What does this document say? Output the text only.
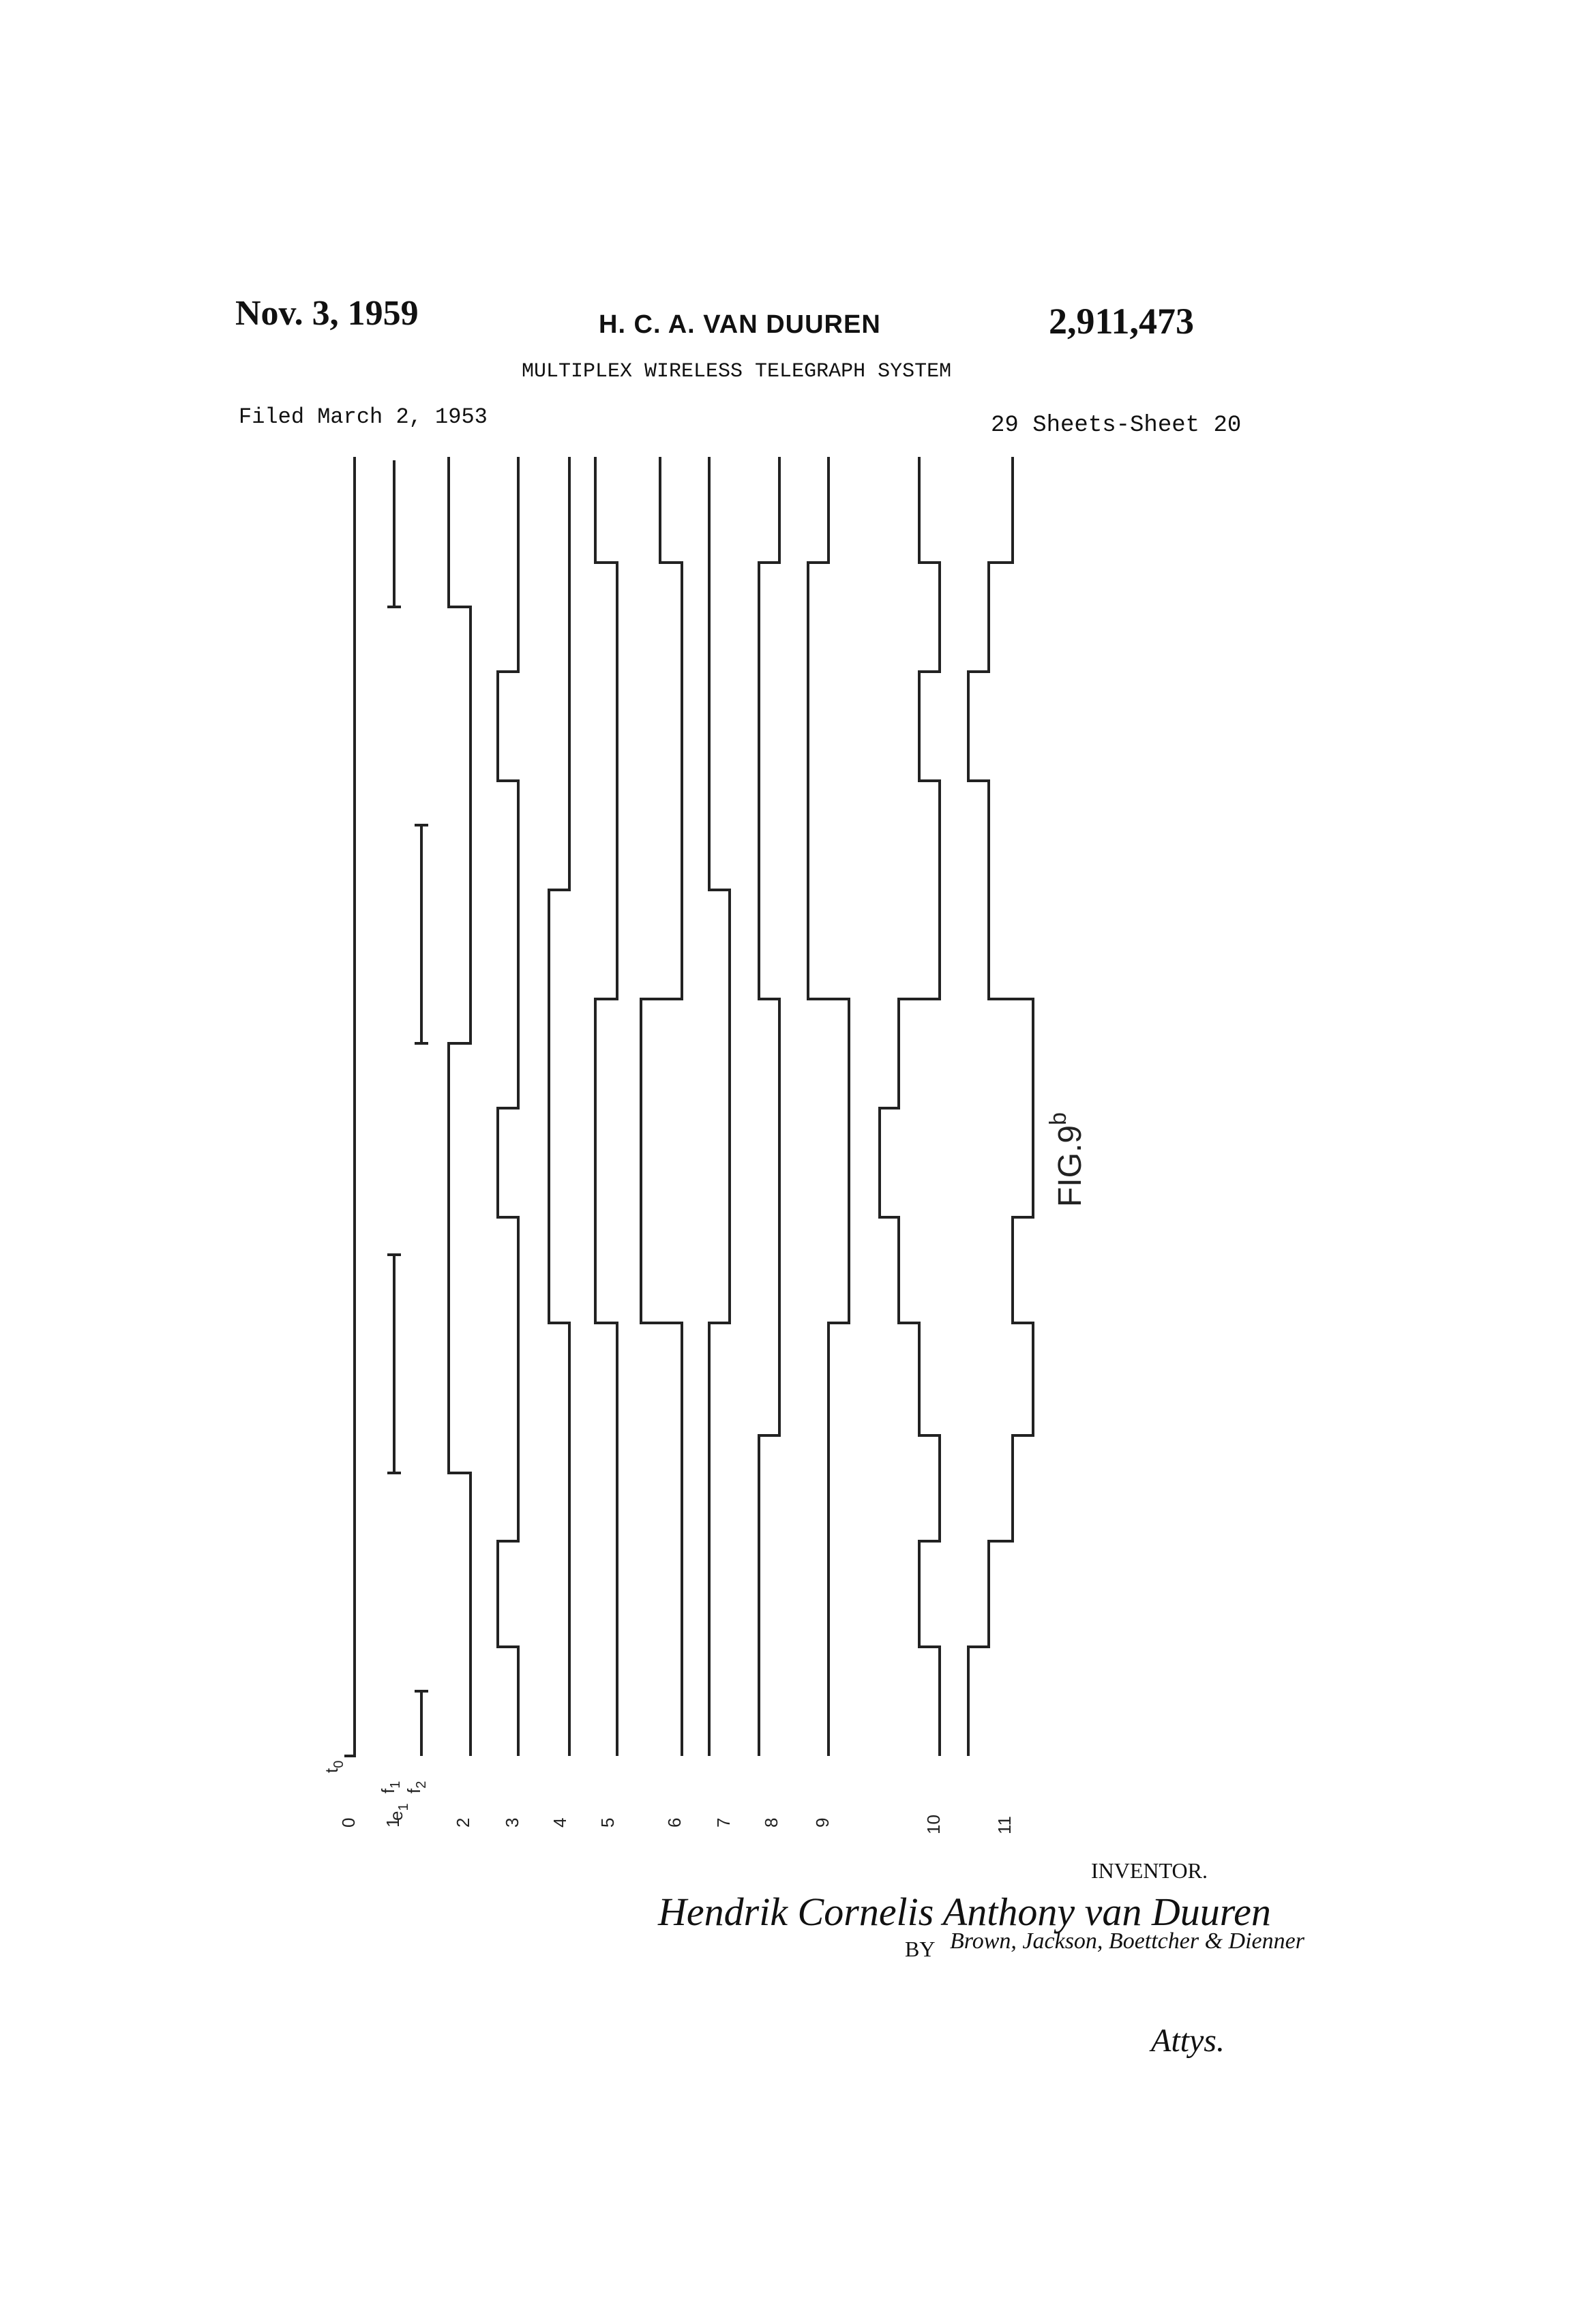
Nov. 3, 1959	H. C. A. VAN DUUREN	2,911,473
MULTIPLEX WIRELESS TELEGRAPH SYSTEM
Filed March 2, 1953	29 Sheets-Sheet 20
$t_0$
$f_1$
$e_1$
$f_2$
0 1	2 3 4 5	6 7 8 9	10	11
FIG.9$^b$
INVENTOR.
Hendrik Cornelis Anthony van Duuren
BY Brown, Jackson, Boettcher & Dienner
Attys.
